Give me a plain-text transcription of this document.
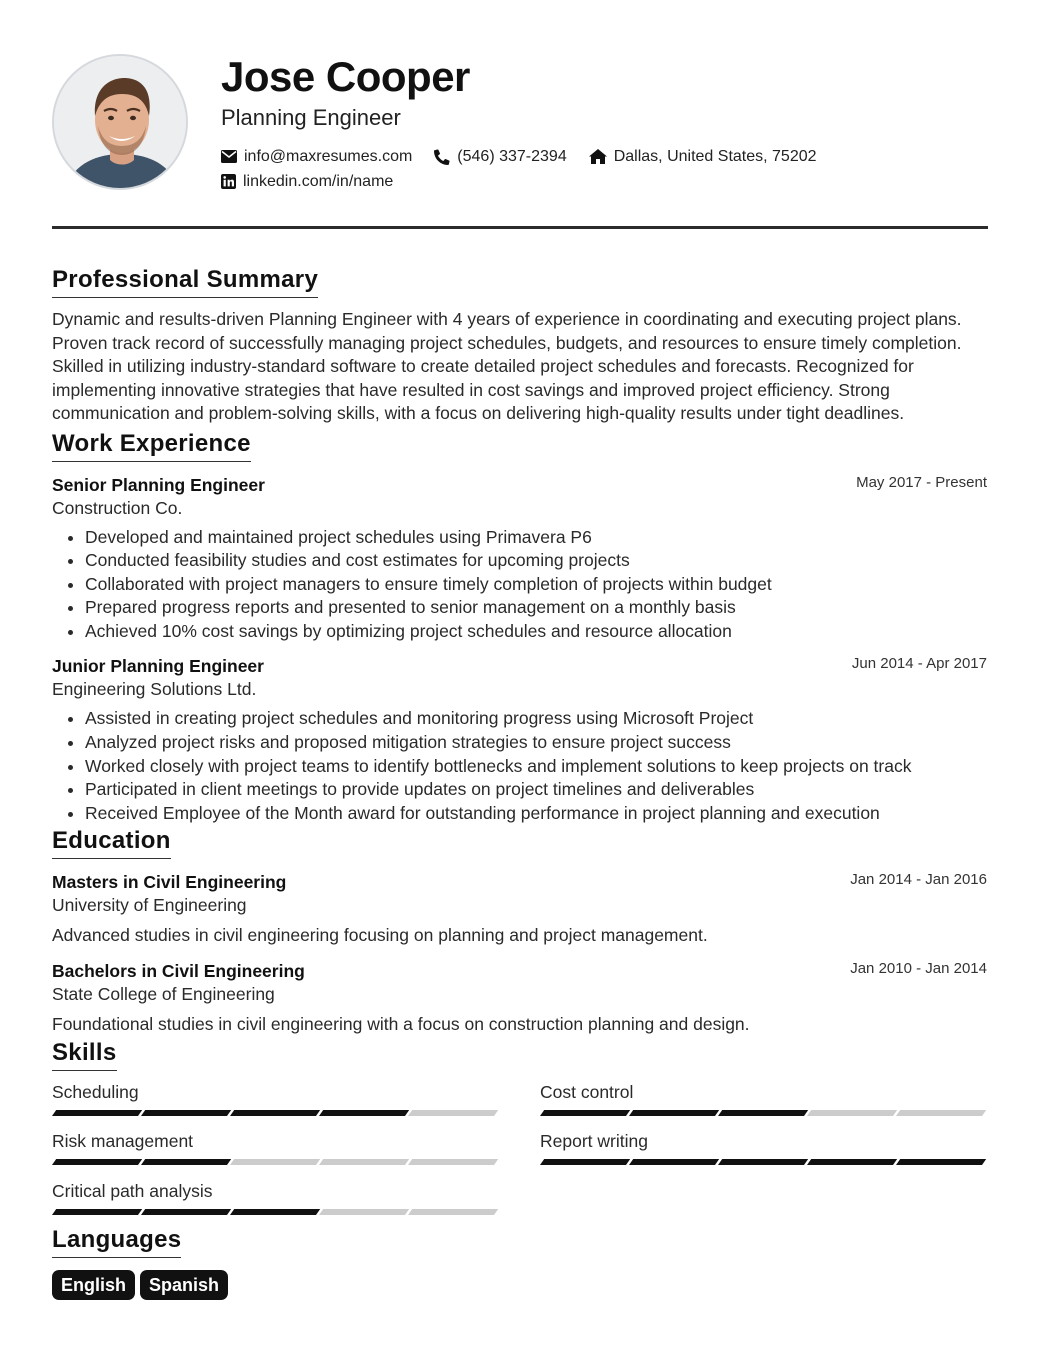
Jose Cooper
Planning Engineer
info@maxresumes.com	(546) 337-2394	Dallas, United States, 75202
linkedin.com/in/name
Professional Summary

Dynamic and results-driven Planning Engineer with 4 years of experience in coordinating and executing project plans. Proven track record of successfully managing project schedules, budgets, and resources to ensure timely completion. Skilled in utilizing industry-standard software to create detailed project schedules and forecasts. Recognized for implementing innovative strategies that have resulted in cost savings and improved project efficiency. Strong communication and problem-solving skills, with a focus on delivering high-quality results under tight deadlines.

Work Experience
Senior Planning Engineer	May 2017 - Present
Construction Co.
• Developed and maintained project schedules using Primavera P6
• Conducted feasibility studies and cost estimates for upcoming projects
• Collaborated with project managers to ensure timely completion of projects within budget
• Prepared progress reports and presented to senior management on a monthly basis
• Achieved 10% cost savings by optimizing project schedules and resource allocation
Junior Planning Engineer	Jun 2014 - Apr 2017
Engineering Solutions Ltd.
• Assisted in creating project schedules and monitoring progress using Microsoft Project
• Analyzed project risks and proposed mitigation strategies to ensure project success
• Worked closely with project teams to identify bottlenecks and implement solutions to keep projects on track
• Participated in client meetings to provide updates on project timelines and deliverables
• Received Employee of the Month award for outstanding performance in project planning and execution
Education
Masters in Civil Engineering	Jan 2014 - Jan 2016
University of Engineering
Advanced studies in civil engineering focusing on planning and project management.
Bachelors in Civil Engineering	Jan 2010 - Jan 2014
State College of Engineering
Foundational studies in civil engineering with a focus on construction planning and design.
Skills
Scheduling	Cost control
Risk management	Report writing
Critical path analysis
Languages
English	Spanish
